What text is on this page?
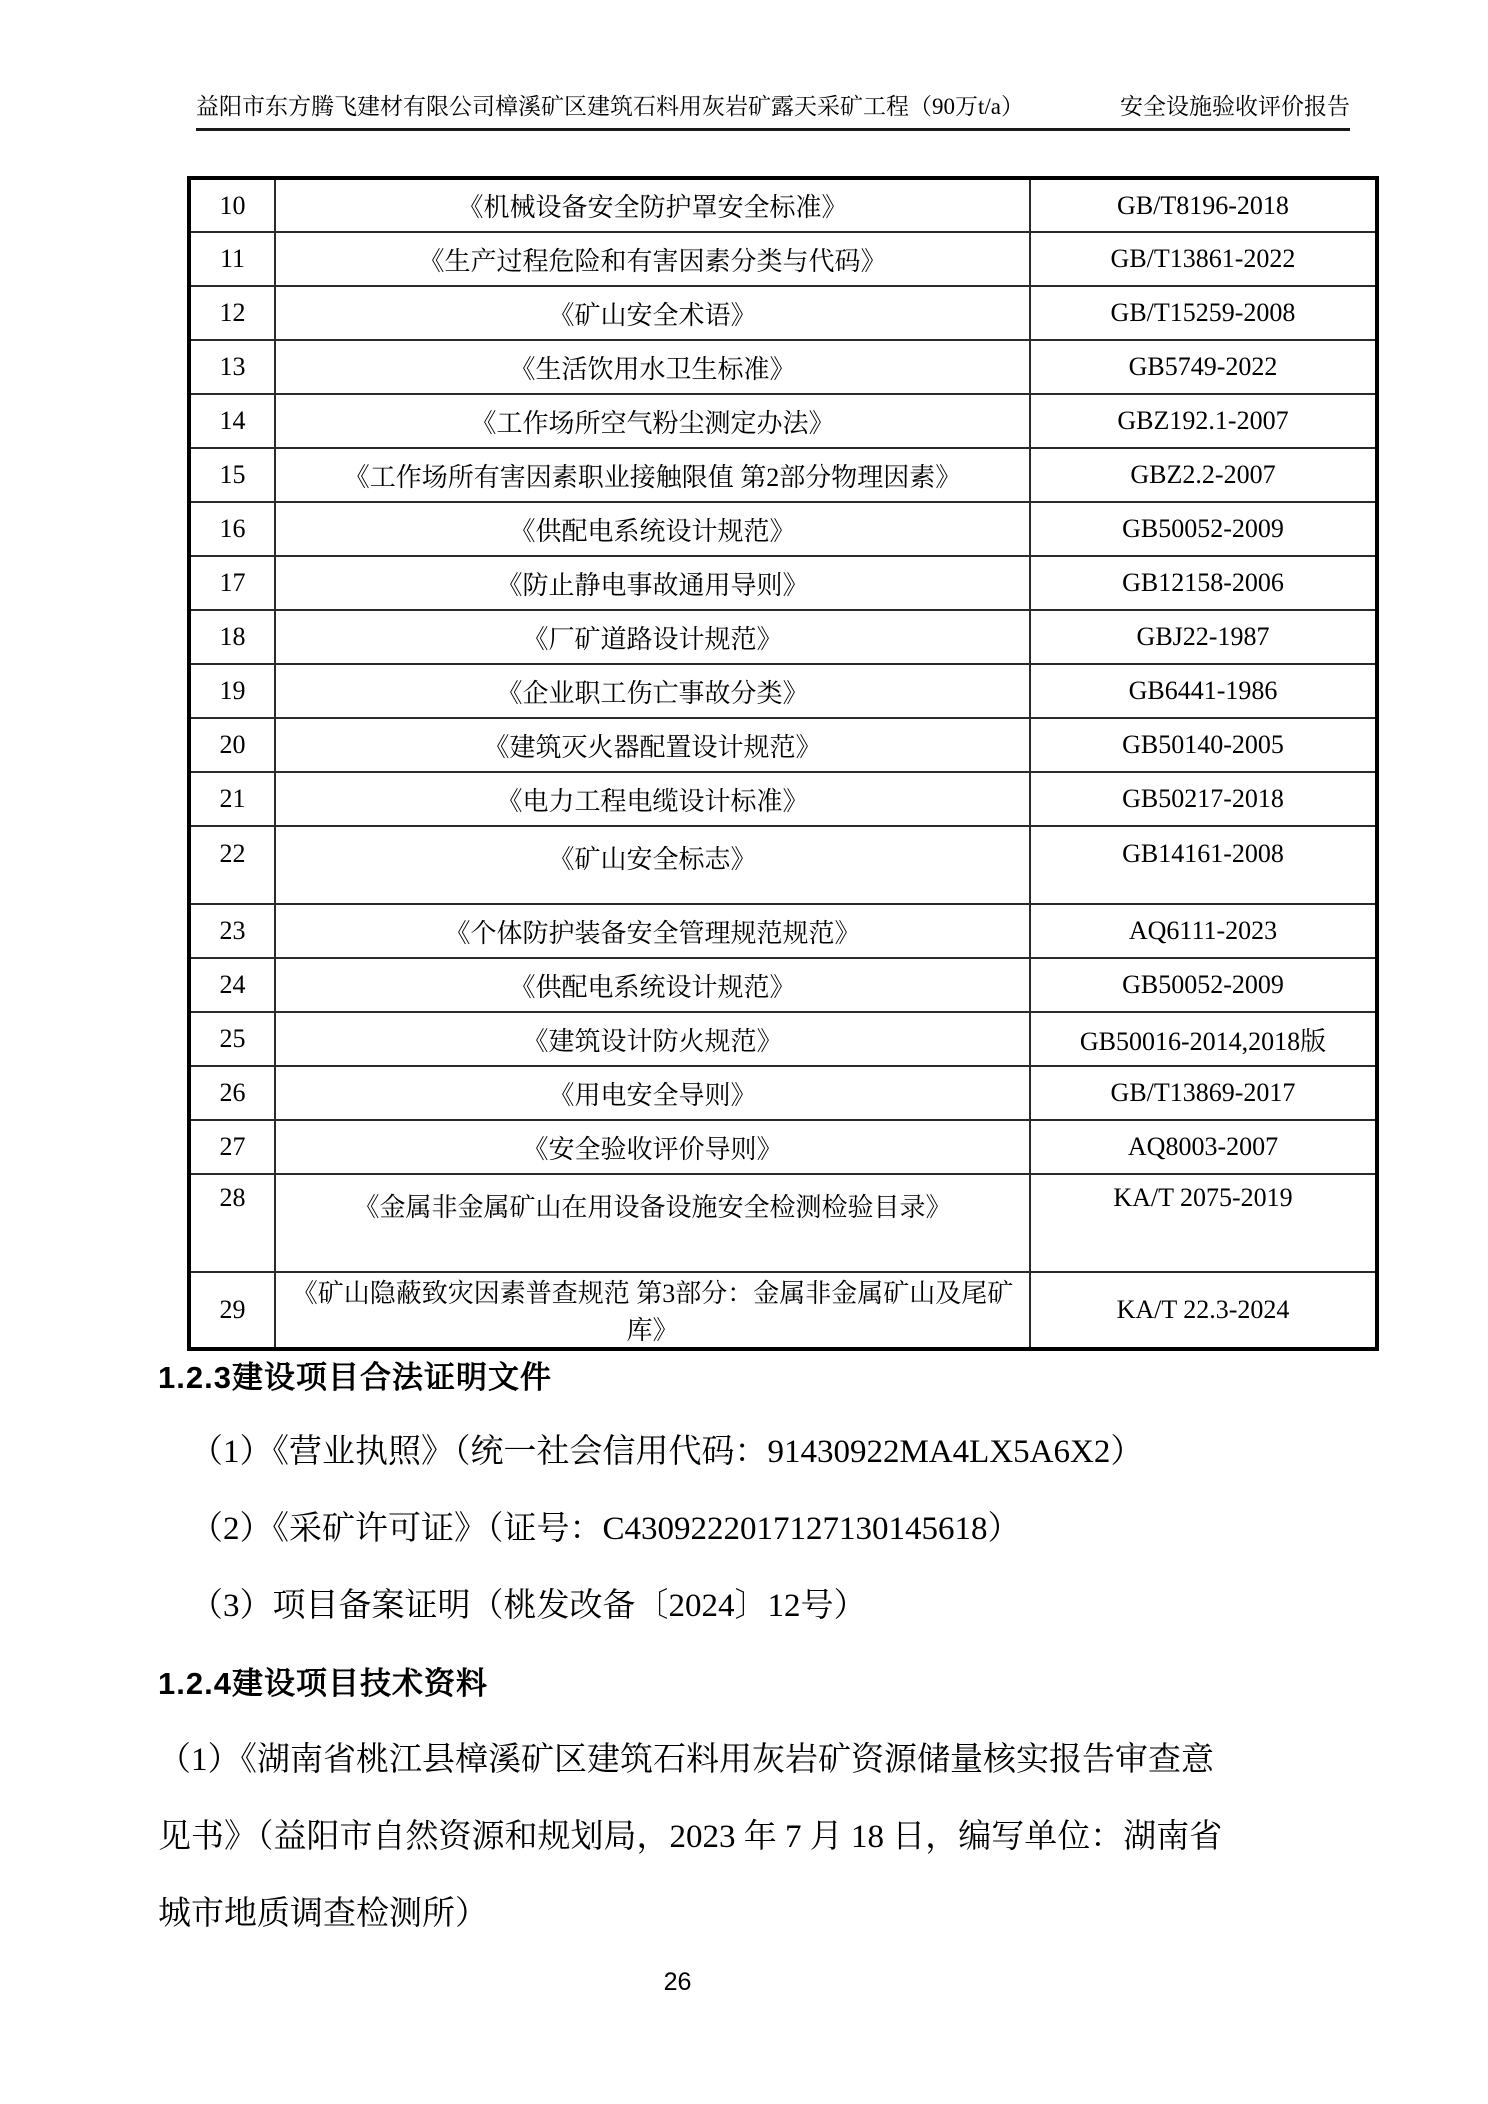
益阳市东方腾飞建材有限公司樟溪矿区建筑石料用灰岩矿露天采矿工程（90万t/a）	安全设施验收评价报告
10	《机械设备安全防护罩安全标准》	GB/T8196-2018
11	《生产过程危险和有害因素分类与代码》	GB/T13861-2022
12	《矿山安全术语》	GB/T15259-2008
13	《生活饮用水卫生标准》	GB5749-2022
14	《工作场所空气粉尘测定办法》	GBZ192.1-2007
15	《工作场所有害因素职业接触限值 第2部分物理因素》	GBZ2.2-2007
16	《供配电系统设计规范》	GB50052-2009
17	《防止静电事故通用导则》	GB12158-2006
18	《厂矿道路设计规范》	GBJ22-1987
19	《企业职工伤亡事故分类》	GB6441-1986
20	《建筑灭火器配置设计规范》	GB50140-2005
21	《电力工程电缆设计标准》	GB50217-2018
22	《矿山安全标志》	GB14161-2008
23	《个体防护装备安全管理规范规范》	AQ6111-2023
24	《供配电系统设计规范》	GB50052-2009
25	《建筑设计防火规范》	GB50016-2014,2018版
26	《用电安全导则》	GB/T13869-2017
27	《安全验收评价导则》	AQ8003-2007
28	《金属非金属矿山在用设备设施安全检测检验目录》	KA/T 2075-2019
29	《矿山隐蔽致灾因素普查规范 第3部分：金属非金属矿山及尾矿库》	KA/T 22.3-2024
1.2.3建设项目合法证明文件
（1）《营业执照》（统一社会信用代码：91430922MA4LX5A6X2）
（2）《采矿许可证》（证号：C4309222017127130145618）
（3）项目备案证明（桃发改备〔2024〕12号）
1.2.4建设项目技术资料
（1）《湖南省桃江县樟溪矿区建筑石料用灰岩矿资源储量核实报告审查意
见书》（益阳市自然资源和规划局，2023 年 7 月 18 日，编写单位：湖南省
城市地质调查检测所）
26
